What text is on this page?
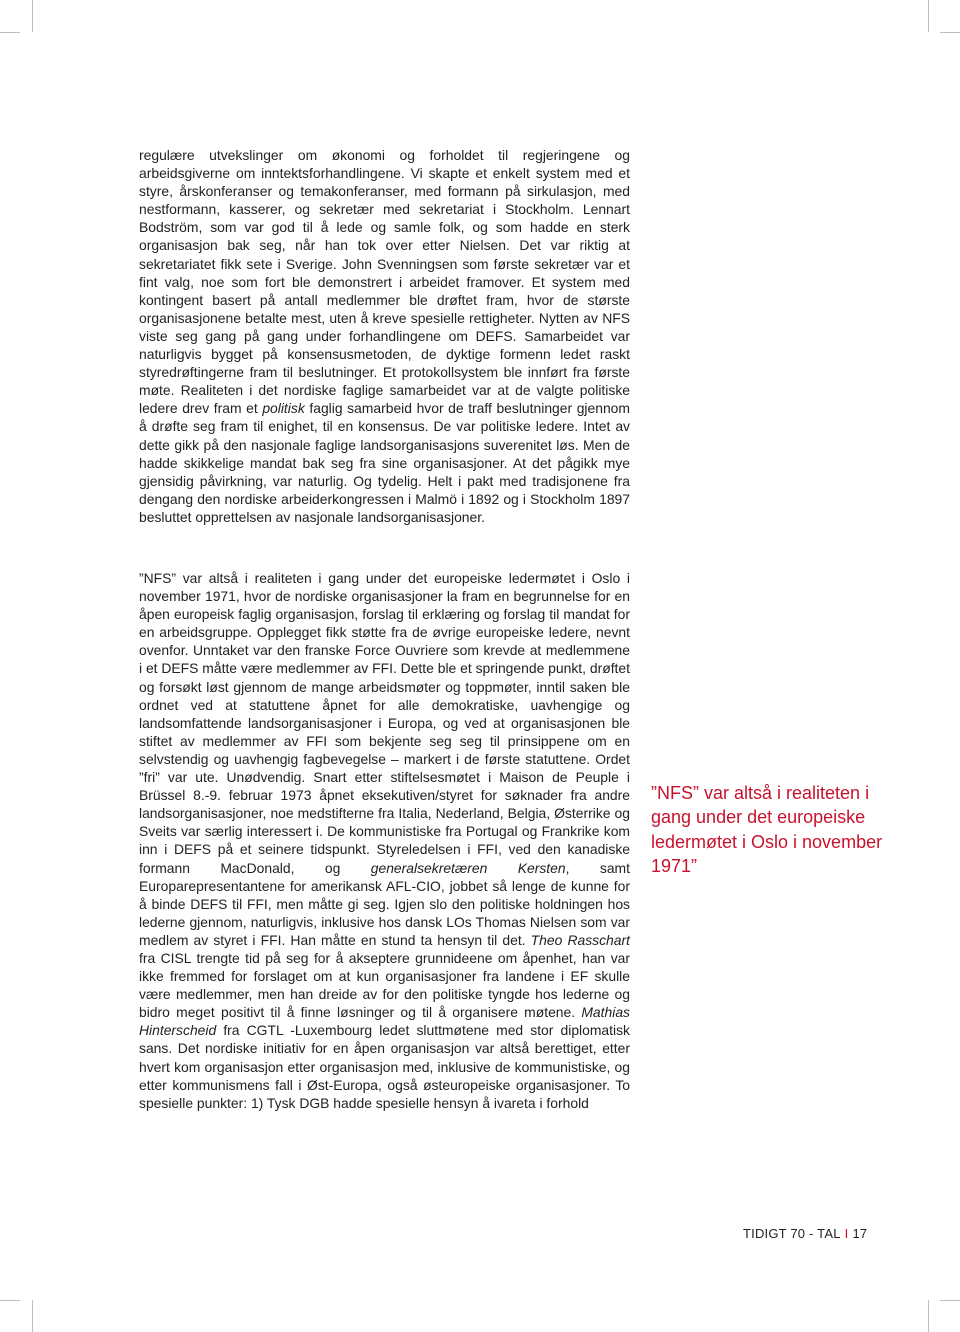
regulære utvekslinger om økonomi og forholdet til regjeringene og arbeidsgiverne om inntektsforhandlingene. Vi skapte et enkelt system med et styre, årskonferanser og temakonferanser, med formann på sirkulasjon, med nestformann, kasserer, og sekretær med sekretariat i Stockholm. Lennart Bodström, som var god til å lede og samle folk, og som hadde en sterk organisasjon bak seg, når han tok over etter Nielsen. Det var riktig at sekretariatet fikk sete i Sverige. John Svenningsen som første sekretær var et fint valg, noe som fort ble demonstrert i arbeidet framover. Et system med kontingent basert på antall medlemmer ble drøftet fram, hvor de største organisasjonene betalte mest, uten å kreve spesielle rettigheter. Nytten av NFS viste seg gang på gang under forhandlingene om DEFS. Samarbeidet var naturligvis bygget på konsensusmetoden, de dyktige formenn ledet raskt styredrøftingerne fram til beslutninger. Et protokollsystem ble innført fra første møte. Realiteten i det nordiske faglige samarbeidet var at de valgte politiske ledere drev fram et politisk faglig samarbeid hvor de traff beslutninger gjennom å drøfte seg fram til enighet, til en konsensus. De var politiske ledere. Intet av dette gikk på den nasjonale faglige landsorganisasjons suverenitet løs. Men de hadde skikkelige mandat bak seg fra sine organisasjoner. At det pågikk mye gjensidig påvirkning, var naturlig. Og tydelig. Helt i pakt med tradisjonene fra dengang den nordiske arbeiderkongressen i Malmö i 1892 og i Stockholm 1897 besluttet opprettelsen av nasjonale landsorganisasjoner.

”NFS” var altså i realiteten i gang under det europeiske ledermøtet i Oslo i november 1971, hvor de nordiske organisasjoner la fram en begrunnelse for en åpen europeisk faglig organisasjon, forslag til erklæring og forslag til mandat for en arbeidsgruppe. Opplegget fikk støtte fra de øvrige europeiske ledere, nevnt ovenfor. Unntaket var den franske Force Ouvriere som krevde at medlemmene i et DEFS måtte være medlemmer av FFI. Dette ble et springende punkt, drøftet og forsøkt løst gjennom de mange arbeidsmøter og toppmøter, inntil saken ble ordnet ved at statuttene åpnet for alle demokratiske, uavhengige og landsomfattende landsorganisasjoner i Europa, og ved at organisasjonen ble stiftet av medlemmer av FFI som bekjente seg seg til prinsippene om en selvstendig og uavhengig fagbevegelse – markert i de første statuttene. Ordet ”fri” var ute. Unødvendig. Snart etter stiftelsesmøtet i Maison de Peuple i Brüssel 8.-9. februar 1973 åpnet eksekutiven/styret for søknader fra andre landsorganisasjoner, noe medstifterne fra Italia, Nederland, Belgia, Østerrike og Sveits var særlig interessert i. De kommunistiske fra Portugal og Frankrike kom inn i DEFS på et seinere tidspunkt. Styreledelsen i FFI, ved den kanadiske formann MacDonald, og generalsekretæren Kersten, samt Europarepresentantene for amerikansk AFL-CIO, jobbet så lenge de kunne for å binde DEFS til FFI, men måtte gi seg. Igjen slo den politiske holdningen hos lederne gjennom, naturligvis, inklusive hos dansk LOs Thomas Nielsen som var medlem av styret i FFI. Han måtte en stund ta hensyn til det. Theo Rasschart fra CISL trengte tid på seg for å akseptere grunnideene om åpenhet, han var ikke fremmed for forslaget om at kun organisasjoner fra landene i EF skulle være medlemmer, men han dreide av for den politiske tyngde hos lederne og bidro meget positivt til å finne løsninger og til å organisere møtene. Mathias Hinterscheid fra CGTL -Luxembourg ledet sluttmøtene med stor diplomatisk sans. Det nordiske initiativ for en åpen organisasjon var altså berettiget, etter hvert kom organisasjon etter organisasjon med, inklusive de kommunistiske, og etter kommunismens fall i Øst-Europa, også østeuropeiske organisasjoner. To spesielle punkter: 1) Tysk DGB hadde spesielle hensyn å ivareta i forhold

”NFS” var altså i realiteten i gang under det europeiske ledermøtet i Oslo i november 1971”
TIDIGT 70 - TAL I 17
